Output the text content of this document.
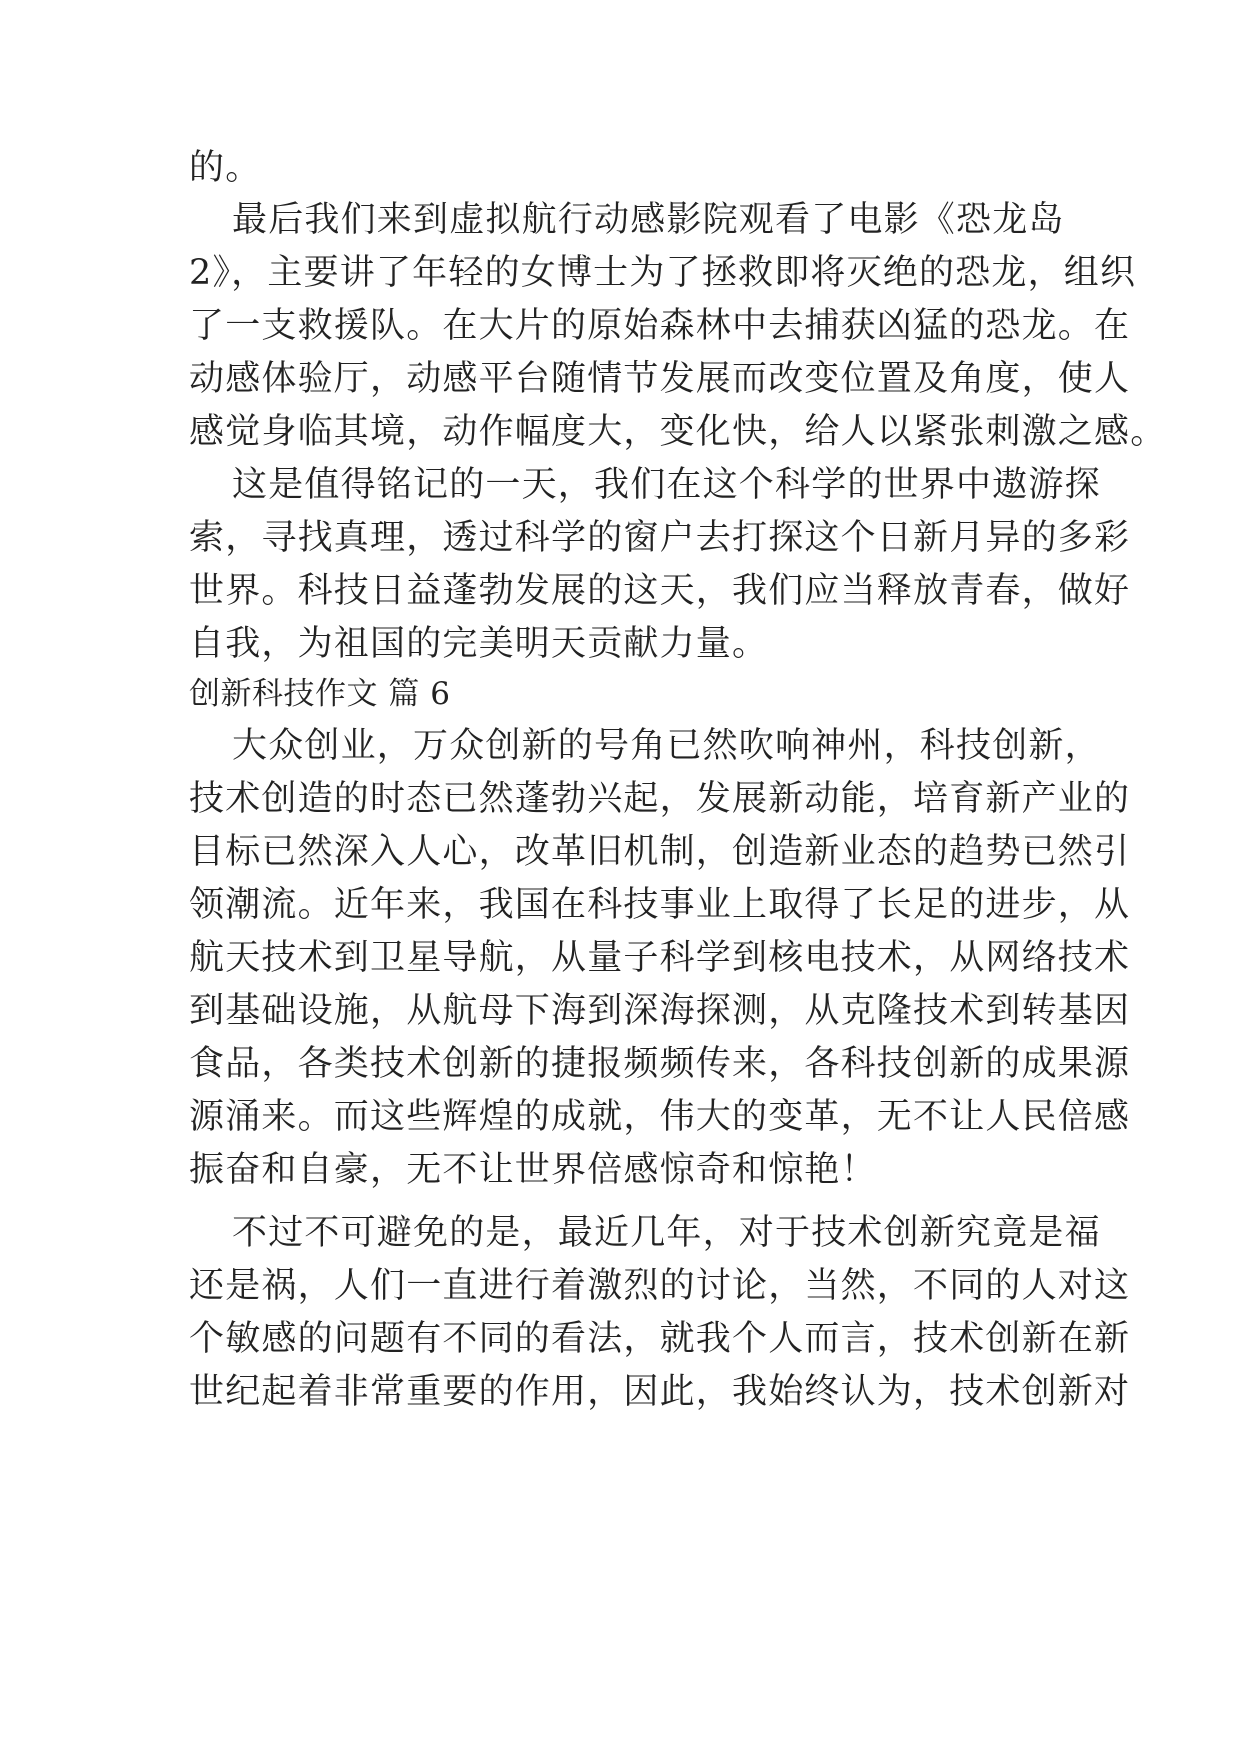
的。
最后我们来到虚拟航行动感影院观看了电影《恐龙岛
2》，主要讲了年轻的女博士为了拯救即将灭绝的恐龙，组织
了一支救援队。在大片的原始森林中去捕获凶猛的恐龙。在
动感体验厅，动感平台随情节发展而改变位置及角度，使人
感觉身临其境，动作幅度大，变化快，给人以紧张刺激之感。
这是值得铭记的一天，我们在这个科学的世界中遨游探
索，寻找真理，透过科学的窗户去打探这个日新月异的多彩
世界。科技日益蓬勃发展的这天，我们应当释放青春，做好
自我，为祖国的完美明天贡献力量。
创新科技作文 篇 6
大众创业，万众创新的号角已然吹响神州，科技创新，
技术创造的时态已然蓬勃兴起，发展新动能，培育新产业的
目标已然深入人心，改革旧机制，创造新业态的趋势已然引
领潮流。近年来，我国在科技事业上取得了长足的进步，从
航天技术到卫星导航，从量子科学到核电技术，从网络技术
到基础设施，从航母下海到深海探测，从克隆技术到转基因
食品，各类技术创新的捷报频频传来，各科技创新的成果源
源涌来。而这些辉煌的成就，伟大的变革，无不让人民倍感
振奋和自豪，无不让世界倍感惊奇和惊艳！
不过不可避免的是，最近几年，对于技术创新究竟是福
还是祸，人们一直进行着激烈的讨论，当然，不同的人对这
个敏感的问题有不同的看法，就我个人而言，技术创新在新
世纪起着非常重要的作用，因此，我始终认为，技术创新对
